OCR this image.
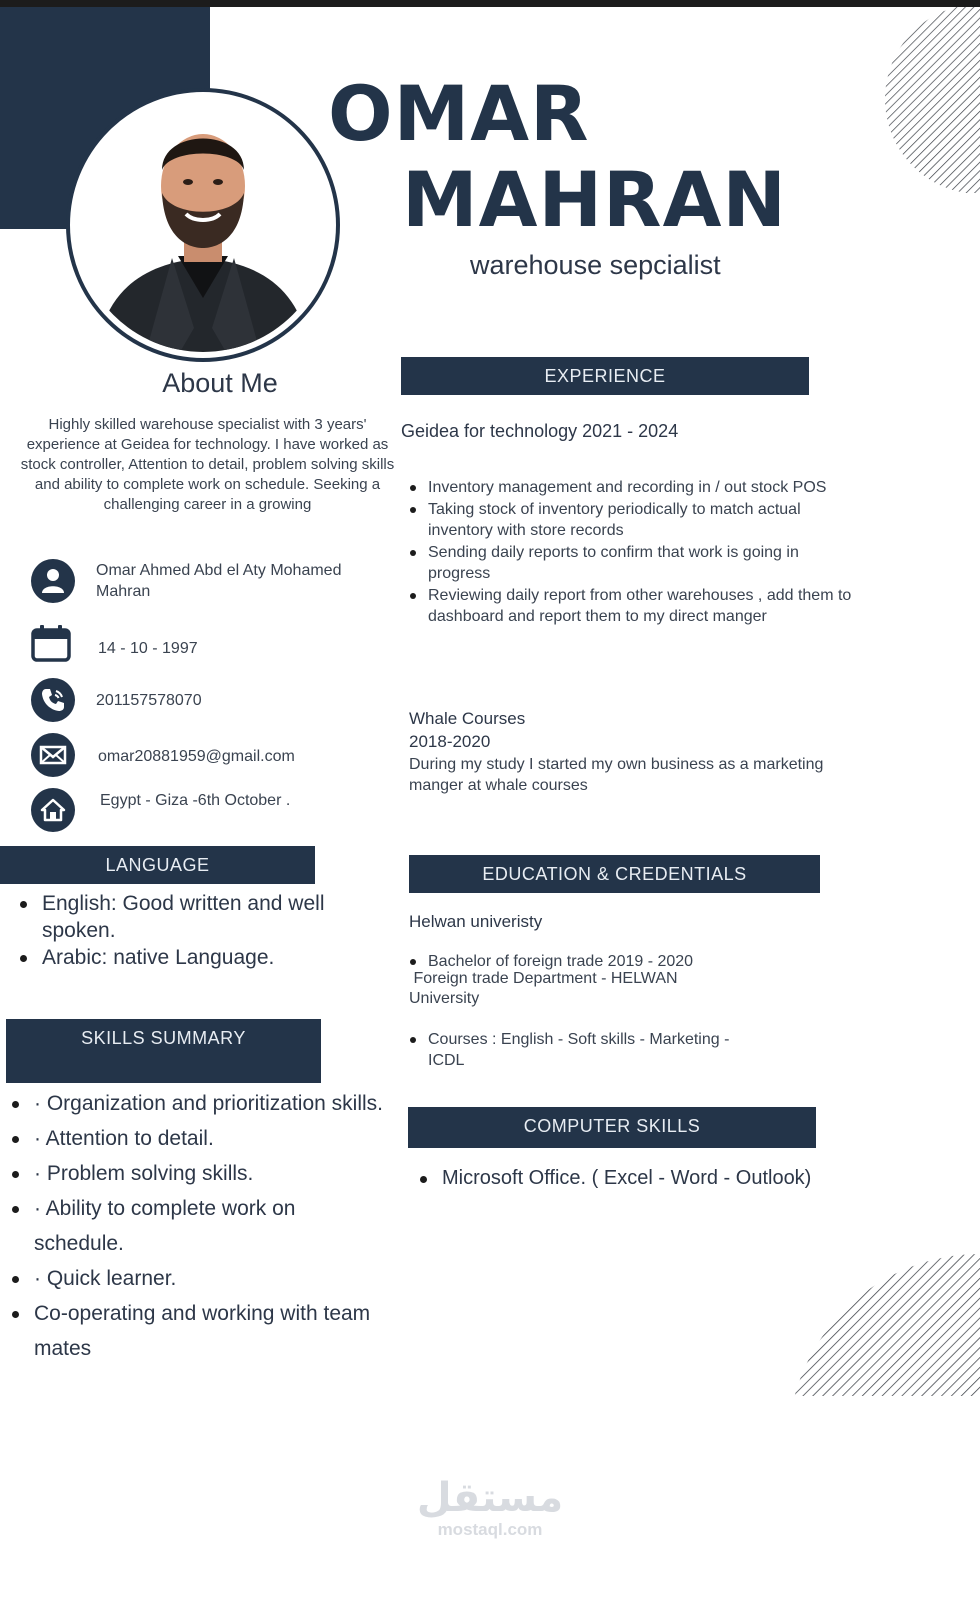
OMAR
MAHRAN
warehouse sepcialist
About Me
Highly skilled warehouse specialist with 3 years' experience at Geidea for technology. I have worked as stock controller, Attention to detail, problem solving skills and ability to complete work on schedule. Seeking a challenging career in a growing
Omar Ahmed Abd el Aty Mohamed Mahran
14 - 10 - 1997
201157578070
omar20881959@gmail.com
Egypt - Giza -6th October .
LANGUAGE
English: Good written and well spoken.
Arabic: native Language.
SKILLS SUMMARY
· Organization and prioritization skills.
· Attention to detail.
· Problem solving skills.
· Ability to complete work on schedule.
· Quick learner.
Co-operating and working with team mates
EXPERIENCE
Geidea for technology 2021 - 2024
Inventory management and recording in / out stock POS
Taking stock of inventory periodically to match actual inventory with store records
Sending daily reports to confirm that work is going in progress
Reviewing daily report from other warehouses , add them to dashboard and report them to my direct manger
Whale Courses
2018-2020
During my study I started my own business as a marketing manger at whale courses
EDUCATION & CREDENTIALS
Helwan univeristy
Bachelor of foreign trade 2019 - 2020
Foreign trade Department - HELWAN
University
Courses : English - Soft skills - Marketing - ICDL
COMPUTER SKILLS
Microsoft Office. ( Excel - Word - Outlook)
مستقل
mostaql.com
